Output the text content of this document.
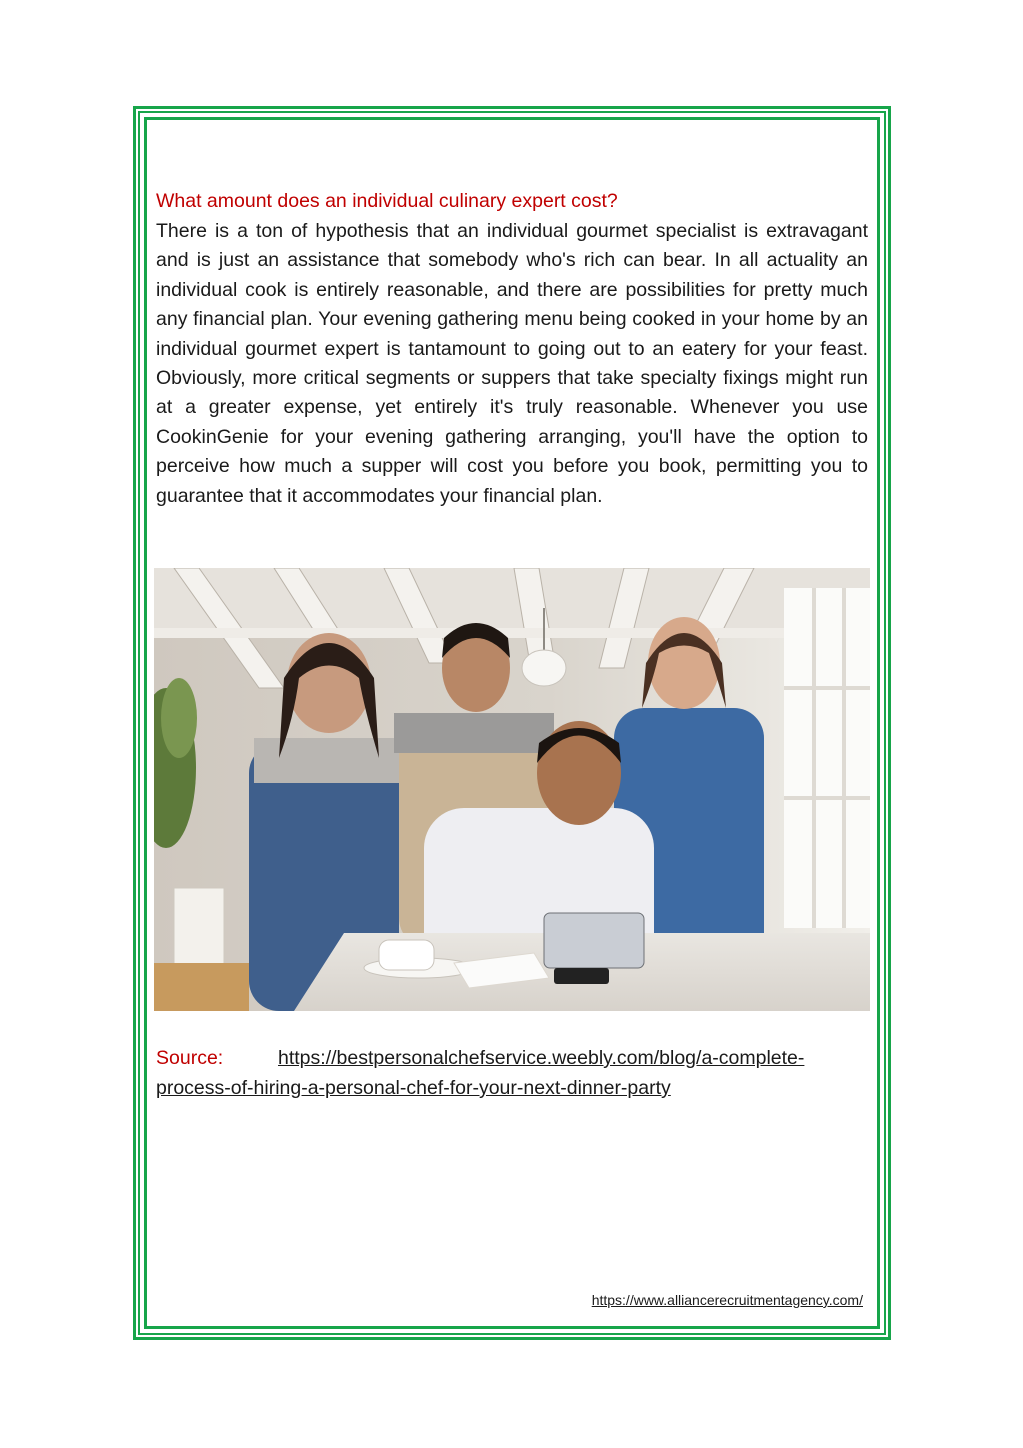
What amount does an individual culinary expert cost?

There is a ton of hypothesis that an individual gourmet specialist is extravagant and is just an assistance that somebody who's rich can bear. In all actuality an individual cook is entirely reasonable, and there are possibilities for pretty much any financial plan. Your evening gathering menu being cooked in your home by an individual gourmet expert is tantamount to going out to an eatery for your feast. Obviously, more critical segments or suppers that take specialty fixings might run at a greater expense, yet entirely it's truly reasonable. Whenever you use CookinGenie for your evening gathering arranging, you'll have the option to perceive how much a supper will cost you before you book, permitting you to guarantee that it accommodates your financial plan.

Source:	https://bestpersonalchefservice.weebly.com/blog/a-complete-process-of-hiring-a-personal-chef-for-your-next-dinner-party
https://www.alliancerecruitmentagency.com/
